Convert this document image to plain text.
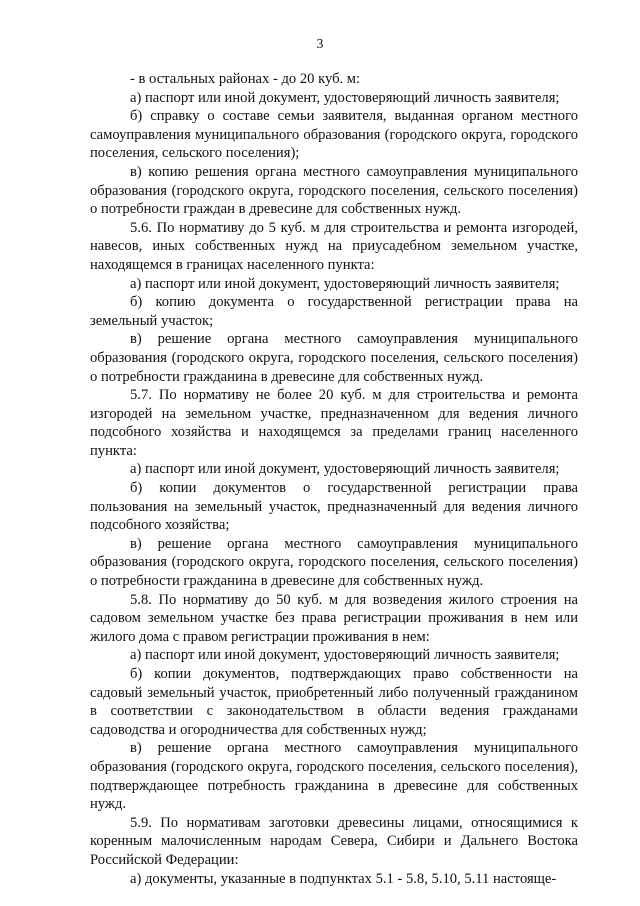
3

- в остальных районах - до 20 куб. м:

а) паспорт или иной документ, удостоверяющий личность заявителя;

б) справку о составе семьи заявителя, выданная органом местного самоуправления муниципального образования (городского округа, городского поселения, сельского поселения);

в) копию решения органа местного самоуправления муниципального образования (городского округа, городского поселения, сельского поселения) о потребности граждан в древесине для собственных нужд.

5.6. По нормативу до 5 куб. м для строительства и ремонта изгородей, навесов, иных собственных нужд на приусадебном земельном участке, находящемся в границах населенного пункта:

а) паспорт или иной документ, удостоверяющий личность заявителя;

б) копию документа о государственной регистрации права на земельный участок;

в) решение органа местного самоуправления муниципального образования (городского округа, городского поселения, сельского поселения) о потребности гражданина в древесине для собственных нужд.

5.7. По нормативу не более 20 куб. м для строительства и ремонта изгородей на земельном участке, предназначенном для ведения личного подсобного хозяйства и находящемся за пределами границ населенного пункта:

а) паспорт или иной документ, удостоверяющий личность заявителя;

б) копии документов о государственной регистрации права пользования на земельный участок, предназначенный для ведения личного подсобного хозяйства;

в) решение органа местного самоуправления муниципального образования (городского округа, городского поселения, сельского поселения) о потребности гражданина в древесине для собственных нужд.

5.8. По нормативу до 50 куб. м для возведения жилого строения на садовом земельном участке без права регистрации проживания в нем или жилого дома с правом регистрации проживания в нем:

а) паспорт или иной документ, удостоверяющий личность заявителя;

б) копии документов, подтверждающих право собственности на садовый земельный участок, приобретенный либо полученный гражданином в соответствии с законодательством в области ведения гражданами садоводства и огородничества для собственных нужд;

в) решение органа местного самоуправления муниципального образования (городского округа, городского поселения, сельского поселения), подтверждающее потребность гражданина в древесине для собственных нужд.

5.9. По нормативам заготовки древесины лицами, относящимися к коренным малочисленным народам Севера, Сибири и Дальнего Востока Российской Федерации:

а) документы, указанные в подпунктах 5.1 - 5.8, 5.10, 5.11 настояще-
